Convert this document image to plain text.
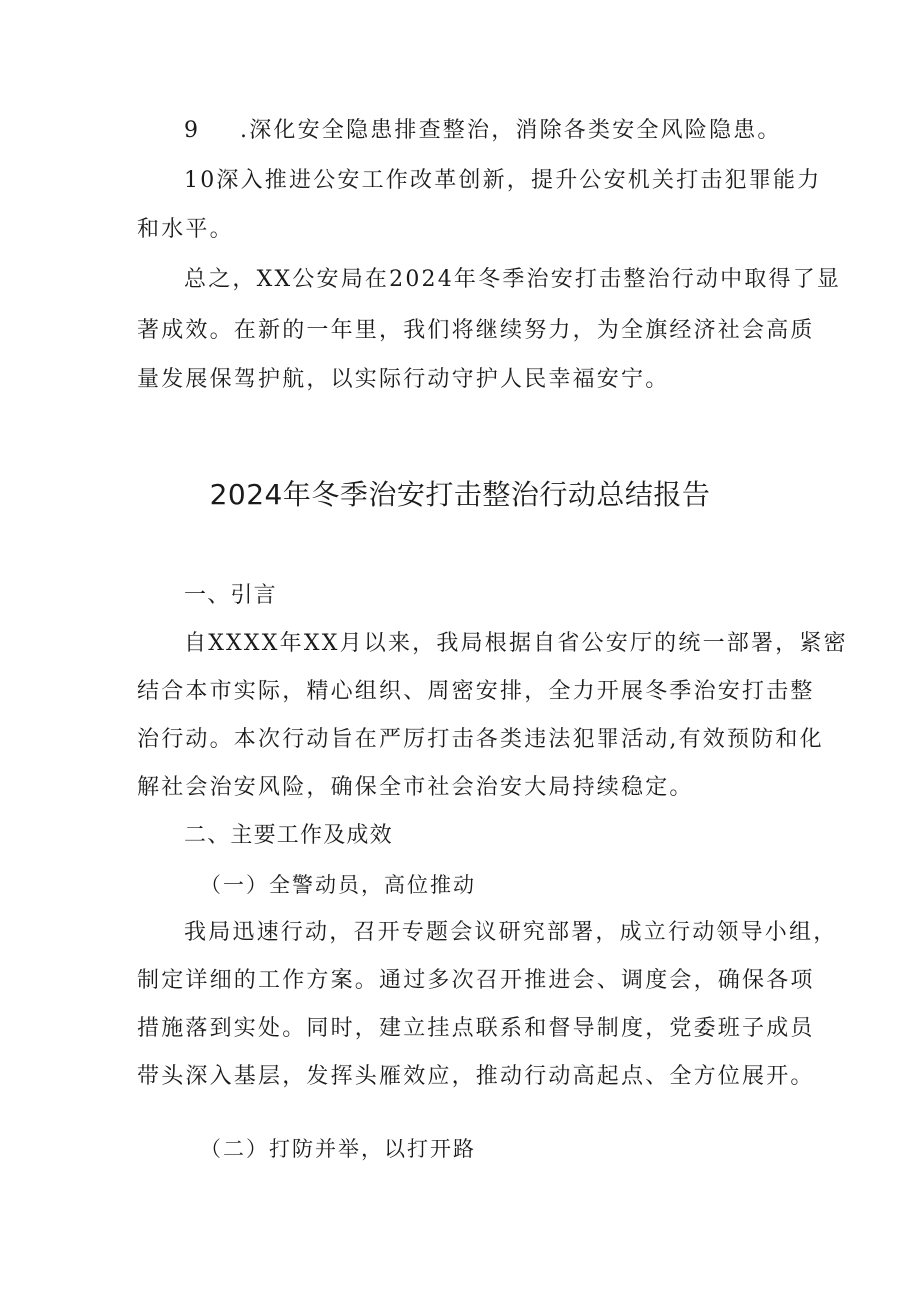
9 .深化安全隐患排查整治，消除各类安全风险隐患。
10深入推进公安工作改革创新，提升公安机关打击犯罪能力
和水平。
总之，XX公安局在2024年冬季治安打击整治行动中取得了显
著成效。在新的一年里，我们将继续努力，为全旗经济社会高质
量发展保驾护航，以实际行动守护人民幸福安宁。
2024年冬季治安打击整治行动总结报告
一、引言
自XXXX年XX月以来，我局根据自省公安厅的统一部署，紧密
结合本市实际，精心组织、周密安排，全力开展冬季治安打击整
治行动。本次行动旨在严厉打击各类违法犯罪活动,有效预防和化
解社会治安风险，确保全市社会治安大局持续稳定。
二、主要工作及成效
（一）全警动员，高位推动
我局迅速行动，召开专题会议研究部署，成立行动领导小组，
制定详细的工作方案。通过多次召开推进会、调度会，确保各项
措施落到实处。同时，建立挂点联系和督导制度，党委班子成员
带头深入基层，发挥头雁效应，推动行动高起点、全方位展开。
（二）打防并举，以打开路
